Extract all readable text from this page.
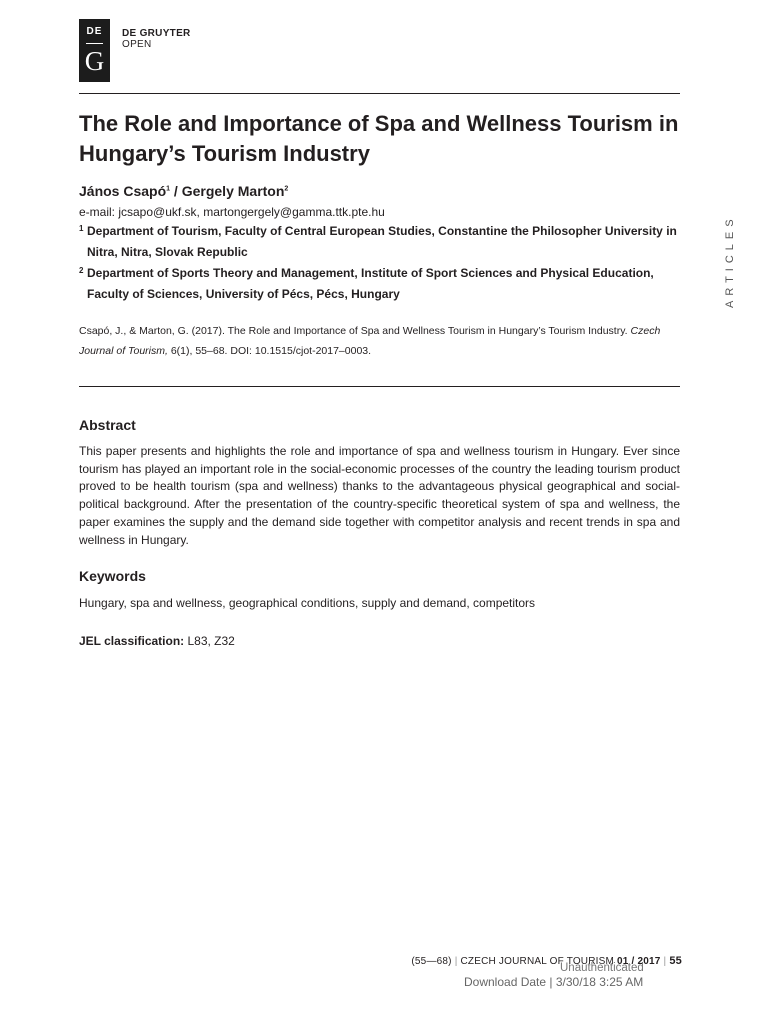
DE
G
DE GRUYTER
OPEN
The Role and Importance of Spa and Wellness Tourism in Hungary’s Tourism Industry
János Csapó$^1$ / Gergely Marton$^2$
e-mail: jcsapo@ukf.sk, martongergely@gamma.ttk.pte.hu
1 Department of Tourism, Faculty of Central European Studies, Constantine the Philosopher University in Nitra, Nitra, Slovak Republic
2 Department of Sports Theory and Management, Institute of Sport Sciences and Physical Education, Faculty of Sciences, University of Pécs, Pécs, Hungary
Csapó, J., & Marton, G. (2017). The Role and Importance of Spa and Wellness Tourism in Hungary’s Tourism Industry. Czech Journal of Tourism, 6(1), 55–68. DOI: 10.1515/cjot-2017–0003.
Abstract

This paper presents and highlights the role and importance of spa and wellness tourism in Hungary. Ever since tourism has played an important role in the social-economic processes of the country the leading tourism product proved to be health tourism (spa and wellness) thanks to the advantageous physical geographical and social-political background. After the presentation of the country-specific theoretical system of spa and wellness, the paper examines the supply and the demand side together with competitor analysis and recent trends in spa and wellness in Hungary.

Keywords
Hungary, spa and wellness, geographical conditions, supply and demand, competitors
JEL classification: L83, Z32
ARTICLES
(55—68) | CZECH JOURNAL OF TOURISM 01 / 2017 | 55
Unauthenticated
Download Date | 3/30/18 3:25 AM
